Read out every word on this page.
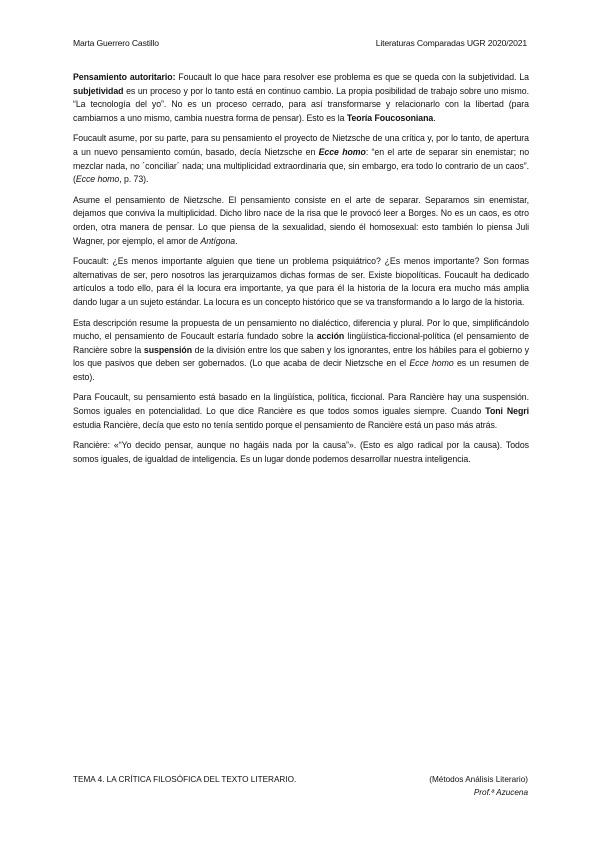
Marta Guerrero Castillo	Literaturas Comparadas UGR 2020/2021

Pensamiento autoritario: Foucault lo que hace para resolver ese problema es que se queda con la subjetividad. La subjetividad es un proceso y por lo tanto está en continuo cambio. La propia posibilidad de trabajo sobre uno mismo. “La tecnología del yo”. No es un proceso cerrado, para así transformarse y relacionarlo con la libertad (para cambiarnos a uno mismo, cambia nuestra forma de pensar). Esto es la Teoría Foucosoniana.

Foucault asume, por su parte, para su pensamiento el proyecto de Nietzsche de una crítica y, por lo tanto, de apertura a un nuevo pensamiento común, basado, decía Nietzsche en Ecce homo: “en el arte de separar sin enemistar; no mezclar nada, no ´conciliar´ nada; una multiplicidad extraordinaria que, sin embargo, era todo lo contrario de un caos”. (Ecce homo, p. 73).

Asume el pensamiento de Nietzsche. El pensamiento consiste en el arte de separar. Separamos sin enemistar, dejamos que conviva la multiplicidad. Dicho libro nace de la risa que le provocó leer a Borges. No es un caos, es otro orden, otra manera de pensar. Lo que piensa de la sexualidad, siendo él homosexual: esto también lo piensa Juli Wagner, por ejemplo, el amor de Antígona.

Foucault: ¿Es menos importante alguien que tiene un problema psiquiátrico? ¿Es menos importante? Son formas alternativas de ser, pero nosotros las jerarquizamos dichas formas de ser. Existe biopolíticas. Foucault ha dedicado artículos a todo ello, para él la locura era importante, ya que para él la historia de la locura era mucho más amplia dando lugar a un sujeto estándar. La locura es un concepto histórico que se va transformando a lo largo de la historia.

Esta descripción resume la propuesta de un pensamiento no dialéctico, diferencia y plural. Por lo que, simplificándolo mucho, el pensamiento de Foucault estaría fundado sobre la acción lingüística-ficcional-política (el pensamiento de Rancière sobre la suspensión de la división entre los que saben y los ignorantes, entre los hábiles para el gobierno y los que pasivos que deben ser gobernados. (Lo que acaba de decir Nietzsche en el Ecce homo es un resumen de esto).

Para Foucault, su pensamiento está basado en la lingüística, política, ficcional. Para Rancière hay una suspensión. Somos iguales en potencialidad. Lo que dice Rancière es que todos somos iguales siempre. Cuando Toni Negri estudia Rancière, decía que esto no tenía sentido porque el pensamiento de Rancière está un paso más atrás.

Rancière: «“Yo decido pensar, aunque no hagáis nada por la causa”». (Esto es algo radical por la causa). Todos somos iguales, de igualdad de inteligencia. Es un lugar donde podemos desarrollar nuestra inteligencia.

TEMA 4. LA CRÍTICA FILOSÓFICA DEL TEXTO LITERARIO.	(Métodos Análisis Literario)
Prof.ª Azucena
